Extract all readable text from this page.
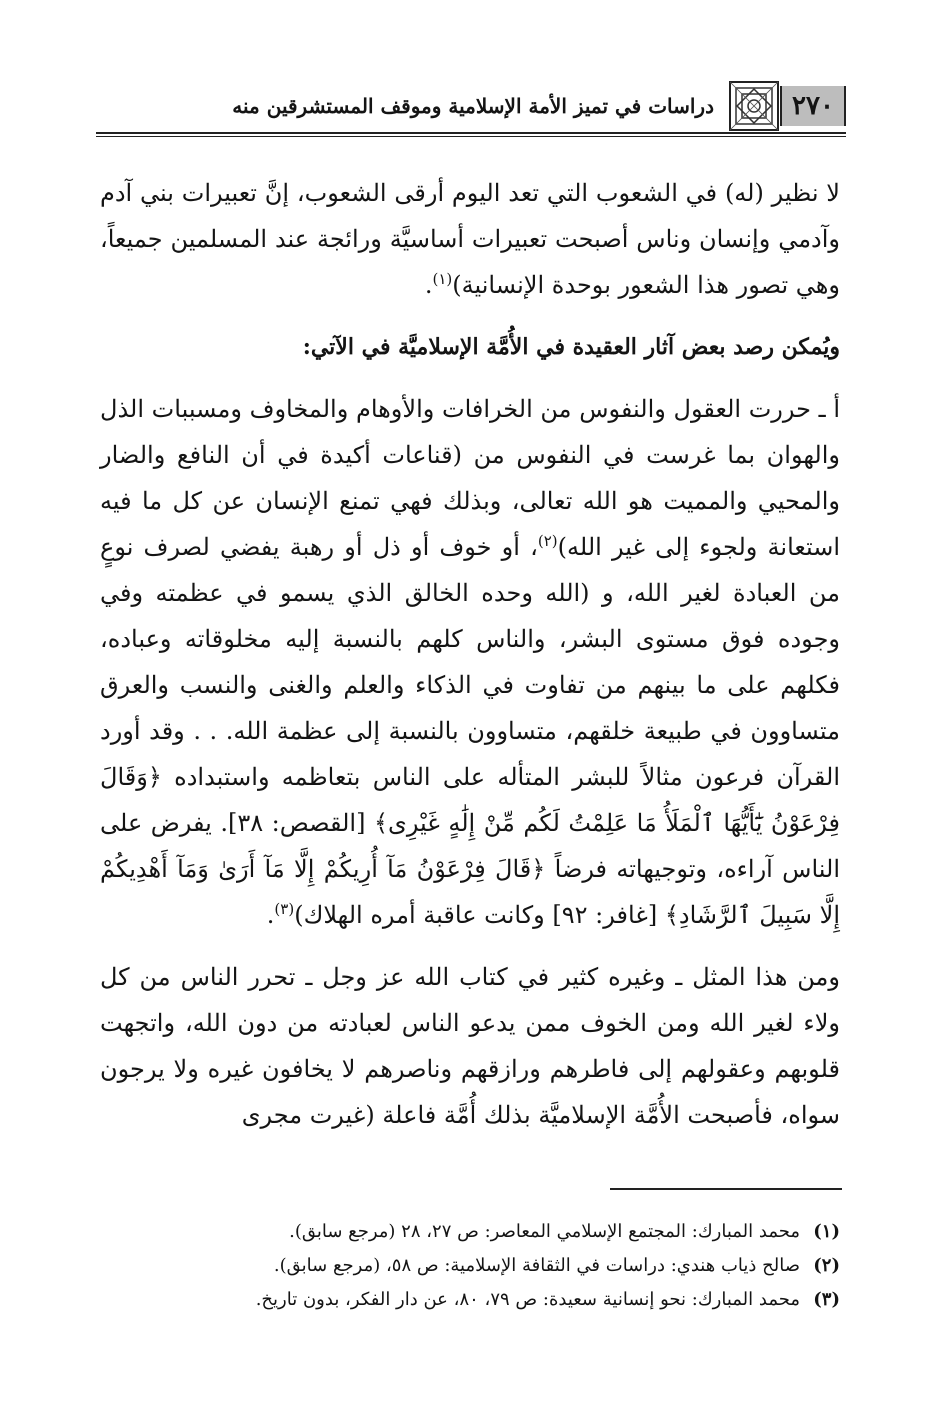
٢٧٠
دراسات في تميز الأمة الإسلامية وموقف المستشرقين منه

لا نظير (له) في الشعوب التي تعد اليوم أرقى الشعوب، إنَّ تعبيرات بني آدم وآدمي وإنسان وناس أصبحت تعبيرات أساسيَّة ورائجة عند المسلمين جميعاً، وهي تصور هذا الشعور بوحدة الإنسانية)$^{(١)}$.

ويُمكن رصد بعض آثار العقيدة في الأُمَّة الإسلاميَّة في الآتي:

أ ـ حررت العقول والنفوس من الخرافات والأوهام والمخاوف ومسببات الذل والهوان بما غرست في النفوس من (قناعات أكيدة في أن النافع والضار والمحيي والمميت هو الله تعالى، وبذلك فهي تمنع الإنسان عن كل ما فيه استعانة ولجوء إلى غير الله)$^{(٢)}$، أو خوف أو ذل أو رهبة يفضي لصرف نوعٍ من العبادة لغير الله، و (الله وحده الخالق الذي يسمو في عظمته وفي وجوده فوق مستوى البشر، والناس كلهم بالنسبة إليه مخلوقاته وعباده، فكلهم على ما بينهم من تفاوت في الذكاء والعلم والغنى والنسب والعرق متساوون في طبيعة خلقهم، متساوون بالنسبة إلى عظمة الله. . . وقد أورد القرآن فرعون مثالاً للبشر المتأله على الناس بتعاظمه واستبداده ﴿وَقَالَ فِرْعَوْنُ يَٰٓأَيُّهَا ٱلْمَلَأُ مَا عَلِمْتُ لَكُم مِّنْ إِلَٰهٍ غَيْرِى﴾ [القصص: ٣٨]. يفرض على الناس آراءه، وتوجيهاته فرضاً ﴿قَالَ فِرْعَوْنُ مَآ أُرِيكُمْ إِلَّا مَآ أَرَىٰ وَمَآ أَهْدِيكُمْ إِلَّا سَبِيلَ ٱلرَّشَادِ﴾ [غافر: ٩٢] وكانت عاقبة أمره الهلاك)$^{(٣)}$.

ومن هذا المثل ـ وغيره كثير في كتاب الله عز وجل ـ تحرر الناس من كل ولاء لغير الله ومن الخوف ممن يدعو الناس لعبادته من دون الله، واتجهت قلوبهم وعقولهم إلى فاطرهم ورازقهم وناصرهم لا يخافون غيره ولا يرجون سواه، فأصبحت الأُمَّة الإسلاميَّة بذلك أُمَّة فاعلة (غيرت مجرى

(١)محمد المبارك: المجتمع الإسلامي المعاصر: ص ٢٧، ٢٨ (مرجع سابق).
(٢)صالح ذياب هندي: دراسات في الثقافة الإسلامية: ص ٥٨، (مرجع سابق).
(٣)محمد المبارك: نحو إنسانية سعيدة: ص ٧٩، ٨٠، عن دار الفكر، بدون تاريخ.
